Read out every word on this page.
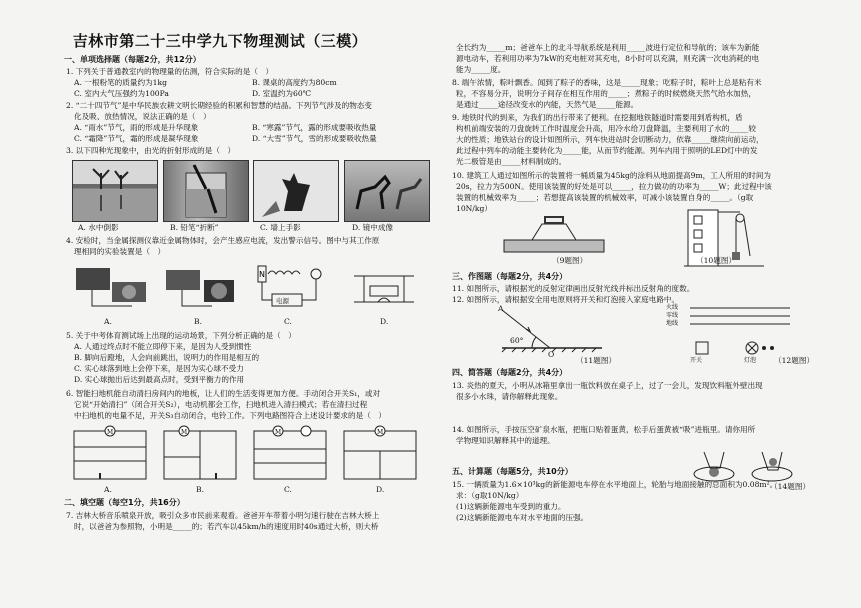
吉林市第二十三中学九下物理测试（三模）
一、单项选择题（每题2分，共12分）
1. 下列关于普通教室内的物理量的估测，符合实际的是（　）
A. 一根粉笔的质量约为1kg	B. 课桌的高度约为80cm
C. 室内大气压强约为100Pa	D. 室温约为60℃
2. “二十四节气”是中华民族农耕文明长期经验的积累和智慧的结晶。下列节气涉及的物态变
化及吸、放热情况，说法正确的是（　）
A. “雨水”节气，雨的形成是升华现象	B. “寒露”节气，露的形成要吸收热量
C. “霜降”节气，霜的形成是凝华现象	D. “大雪”节气，雪的形成要吸收热量
3. 以下四种光现象中，由光的折射形成的是（　）
A. 水中倒影	B. 铅笔“折断”	C. 墙上手影	D. 镜中成像
4. 安检时，当金属探测仪靠近金属物体时，会产生感应电流，发出警示信号。图中与其工作原
理相同的实验装置是（　）
N
电源
A.	B.	C.	D.
5. 关于中考体育测试场上出现的运动场景，下列分析正确的是（　）
A. 人通过终点时不能立即停下来，是因为人受到惯性
B. 脚向后蹬地，人会向前跳出，说明力的作用是相互的
C. 实心球落到地上会停下来，是因为实心球不受力
D. 实心球抛出后达到最高点时，受到平衡力的作用
6. 智能扫地机能自动清扫房间内的地板，让人们的生活变得更加方便。手动闭合开关S₁，或对
它说“开始清扫”（闭合开关S₂），电动机都会工作，扫地机进入清扫模式；若在清扫过程
中扫地机的电量不足，开关S₃自动闭合，电铃工作。下列电路图符合上述设计要求的是（　）
M	M	M	M
A.	B.	C.	D.
二、填空题（每空1分，共16分）
7. 吉林大桥音乐喷泉开放，吸引众多市民前来观看。爸爸开车带着小明匀速行驶在吉林大桥上
时，以爸爸为参照物，小明是_____的；若汽车以45km/h的速度用时40s通过大桥，则大桥
全长约为_____m；爸爸车上的北斗导航系统是利用_____波进行定位和导航的；该车为新能
源电动车，若利用功率为7kW的充电桩对其充电，8小时可以充满，则充满一次电消耗的电
能为_____度。
8. 端午浓情，粽叶飘香。闻到了粽子的香味，这是_____现象；吃粽子时，粽叶上总是粘有米
粒，不容易分开，说明分子间存在相互作用的_____；煮粽子的时候燃烧天然气给水加热，
是通过_____途径改变水的内能，天然气是_____能源。
9. 地铁时代的到来，为我们的出行带来了便利。在挖掘地铁隧道时需要用到盾构机，盾
构机前端安装的刀盘旋转工作时温度会升高，用冷水给刀盘降温，主要利用了水的_____较
大的性质；地铁站台的设计如图所示，列车快进站时会切断动力，依靠_____继续向前运动，
此过程中列车的动能主要转化为_____能，从而节约能源。列车内用于照明的LED灯中的发
光二极管是由_____材料制成的。
10. 建筑工人通过如图所示的装置将一桶质量为45kg的涂料从地面提高9m，工人所用的时间为
20s，拉力为500N。使用该装置的好处是可以_____，拉力做功的功率为_____W；此过程中该
装置的机械效率为_____；若想提高该装置的机械效率，可减小该装置自身的_____。（g取
10N/kg）
（9题图）	（10题图）
三、作图题（每题2分，共4分）
11. 如图所示，请根据光的反射定律画出反射光线并标出反射角的度数。
12. 如图所示，请根据安全用电原则将开关和灯泡接入家庭电路中。
A
60°
O
（11题图）
火线
零线
地线
开关	灯泡 （12题图）
四、简答题（每题2分，共4分）
13. 炎热的夏天，小明从冰箱里拿出一瓶饮料放在桌子上，过了一会儿，发现饮料瓶外壁出现
很多小水珠，请你解释此现象。
14. 如图所示，手按压空矿泉水瓶，把瓶口贴着蛋黄，松手后蛋黄被“吸”进瓶里。请你用所
学物理知识解释其中的道理。
五、计算题（每题5分，共10分）
（14题图）
15. 一辆质量为1.6×10³kg的新能源电车停在水平地面上，轮胎与地面接触的总面积为0.08m²。
求：（g取10N/kg）
(1)这辆新能源电车受到的重力。
(2)这辆新能源电车对水平地面的压强。
